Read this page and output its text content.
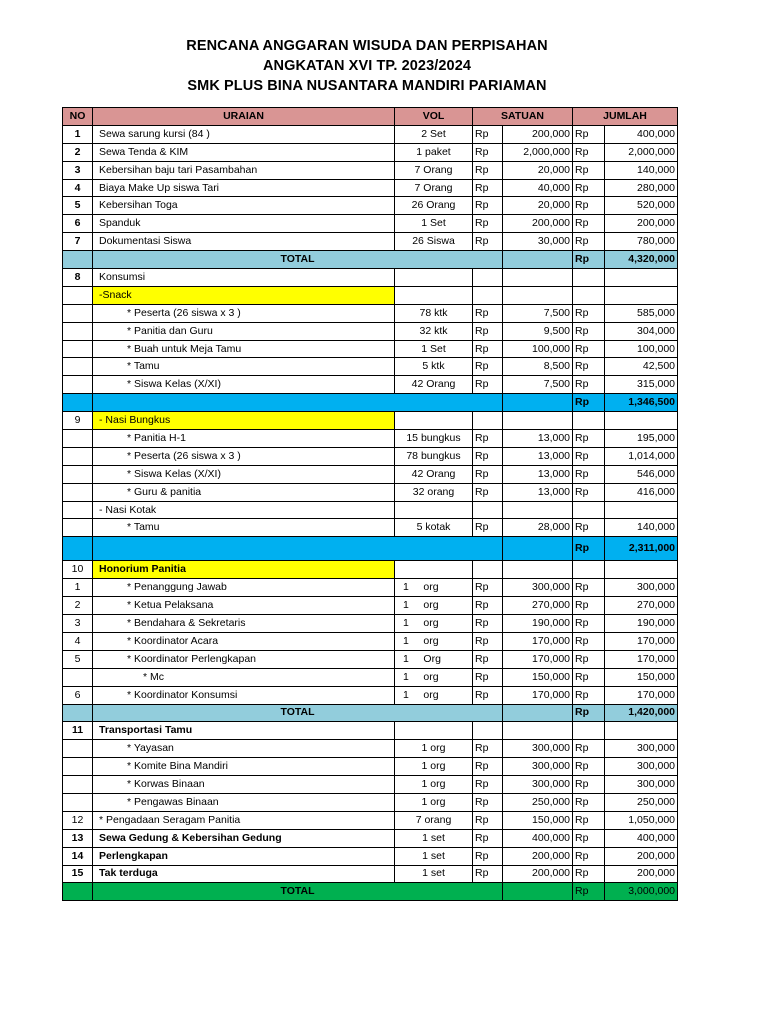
RENCANA ANGGARAN WISUDA DAN PERPISAHAN
ANGKATAN XVI TP. 2023/2024
SMK PLUS BINA NUSANTARA MANDIRI PARIAMAN
NO	URAIAN	VOL	SATUAN		JUMLAH	
1	Sewa sarung kursi (84 )	2 Set	Rp	200,000	Rp	400,000
2	Sewa Tenda & KIM	1 paket	Rp	2,000,000	Rp	2,000,000
3	Kebersihan baju tari Pasambahan	7 Orang	Rp	20,000	Rp	140,000
4	Biaya Make Up siswa Tari	7 Orang	Rp	40,000	Rp	280,000
5	Kebersihan Toga	26 Orang	Rp	20,000	Rp	520,000
6	Spanduk	1 Set	Rp	200,000	Rp	200,000
7	Dokumentasi Siswa	26 Siswa	Rp	30,000	Rp	780,000
	TOTAL				Rp	4,320,000
8	Konsumsi					
	-Snack					
	* Peserta (26 siswa x 3 )	78 ktk	Rp	7,500	Rp	585,000
	* Panitia dan Guru	32 ktk	Rp	9,500	Rp	304,000
	* Buah untuk Meja Tamu	1 Set	Rp	100,000	Rp	100,000
	* Tamu	5 ktk	Rp	8,500	Rp	42,500
	* Siswa Kelas (X/XI)	42 Orang	Rp	7,500	Rp	315,000
					Rp	1,346,500
9	- Nasi Bungkus					
	* Panitia H-1	15 bungkus	Rp	13,000	Rp	195,000
	* Peserta (26 siswa x 3 )	78 bungkus	Rp	13,000	Rp	1,014,000
	* Siswa Kelas (X/XI)	42 Orang	Rp	13,000	Rp	546,000
	* Guru & panitia	32 orang	Rp	13,000	Rp	416,000
	- Nasi Kotak					
	* Tamu	5 kotak	Rp	28,000	Rp	140,000
					Rp	2,311,000
10	Honorium Panitia					
1	* Penanggung Jawab	1     org	Rp	300,000	Rp	300,000
2	* Ketua Pelaksana	1     org	Rp	270,000	Rp	270,000
3	* Bendahara & Sekretaris	1     org	Rp	190,000	Rp	190,000
4	* Koordinator Acara	1     org	Rp	170,000	Rp	170,000
5	* Koordinator Perlengkapan	1     Org	Rp	170,000	Rp	170,000
	* Mc	1     org	Rp	150,000	Rp	150,000
6	* Koordinator Konsumsi	1     org	Rp	170,000	Rp	170,000
	TOTAL				Rp	1,420,000
11	Transportasi Tamu					
	* Yayasan	1 org	Rp	300,000	Rp	300,000
	* Komite Bina Mandiri	1 org	Rp	300,000	Rp	300,000
	* Korwas Binaan	1 org	Rp	300,000	Rp	300,000
	* Pengawas Binaan	1 org	Rp	250,000	Rp	250,000
12	* Pengadaan Seragam Panitia	7 orang	Rp	150,000	Rp	1,050,000
13	Sewa Gedung & Kebersihan Gedung	1 set	Rp	400,000	Rp	400,000
14	Perlengkapan	1 set	Rp	200,000	Rp	200,000
15	Tak terduga	1 set	Rp	200,000	Rp	200,000
	TOTAL				Rp	3,000,000
